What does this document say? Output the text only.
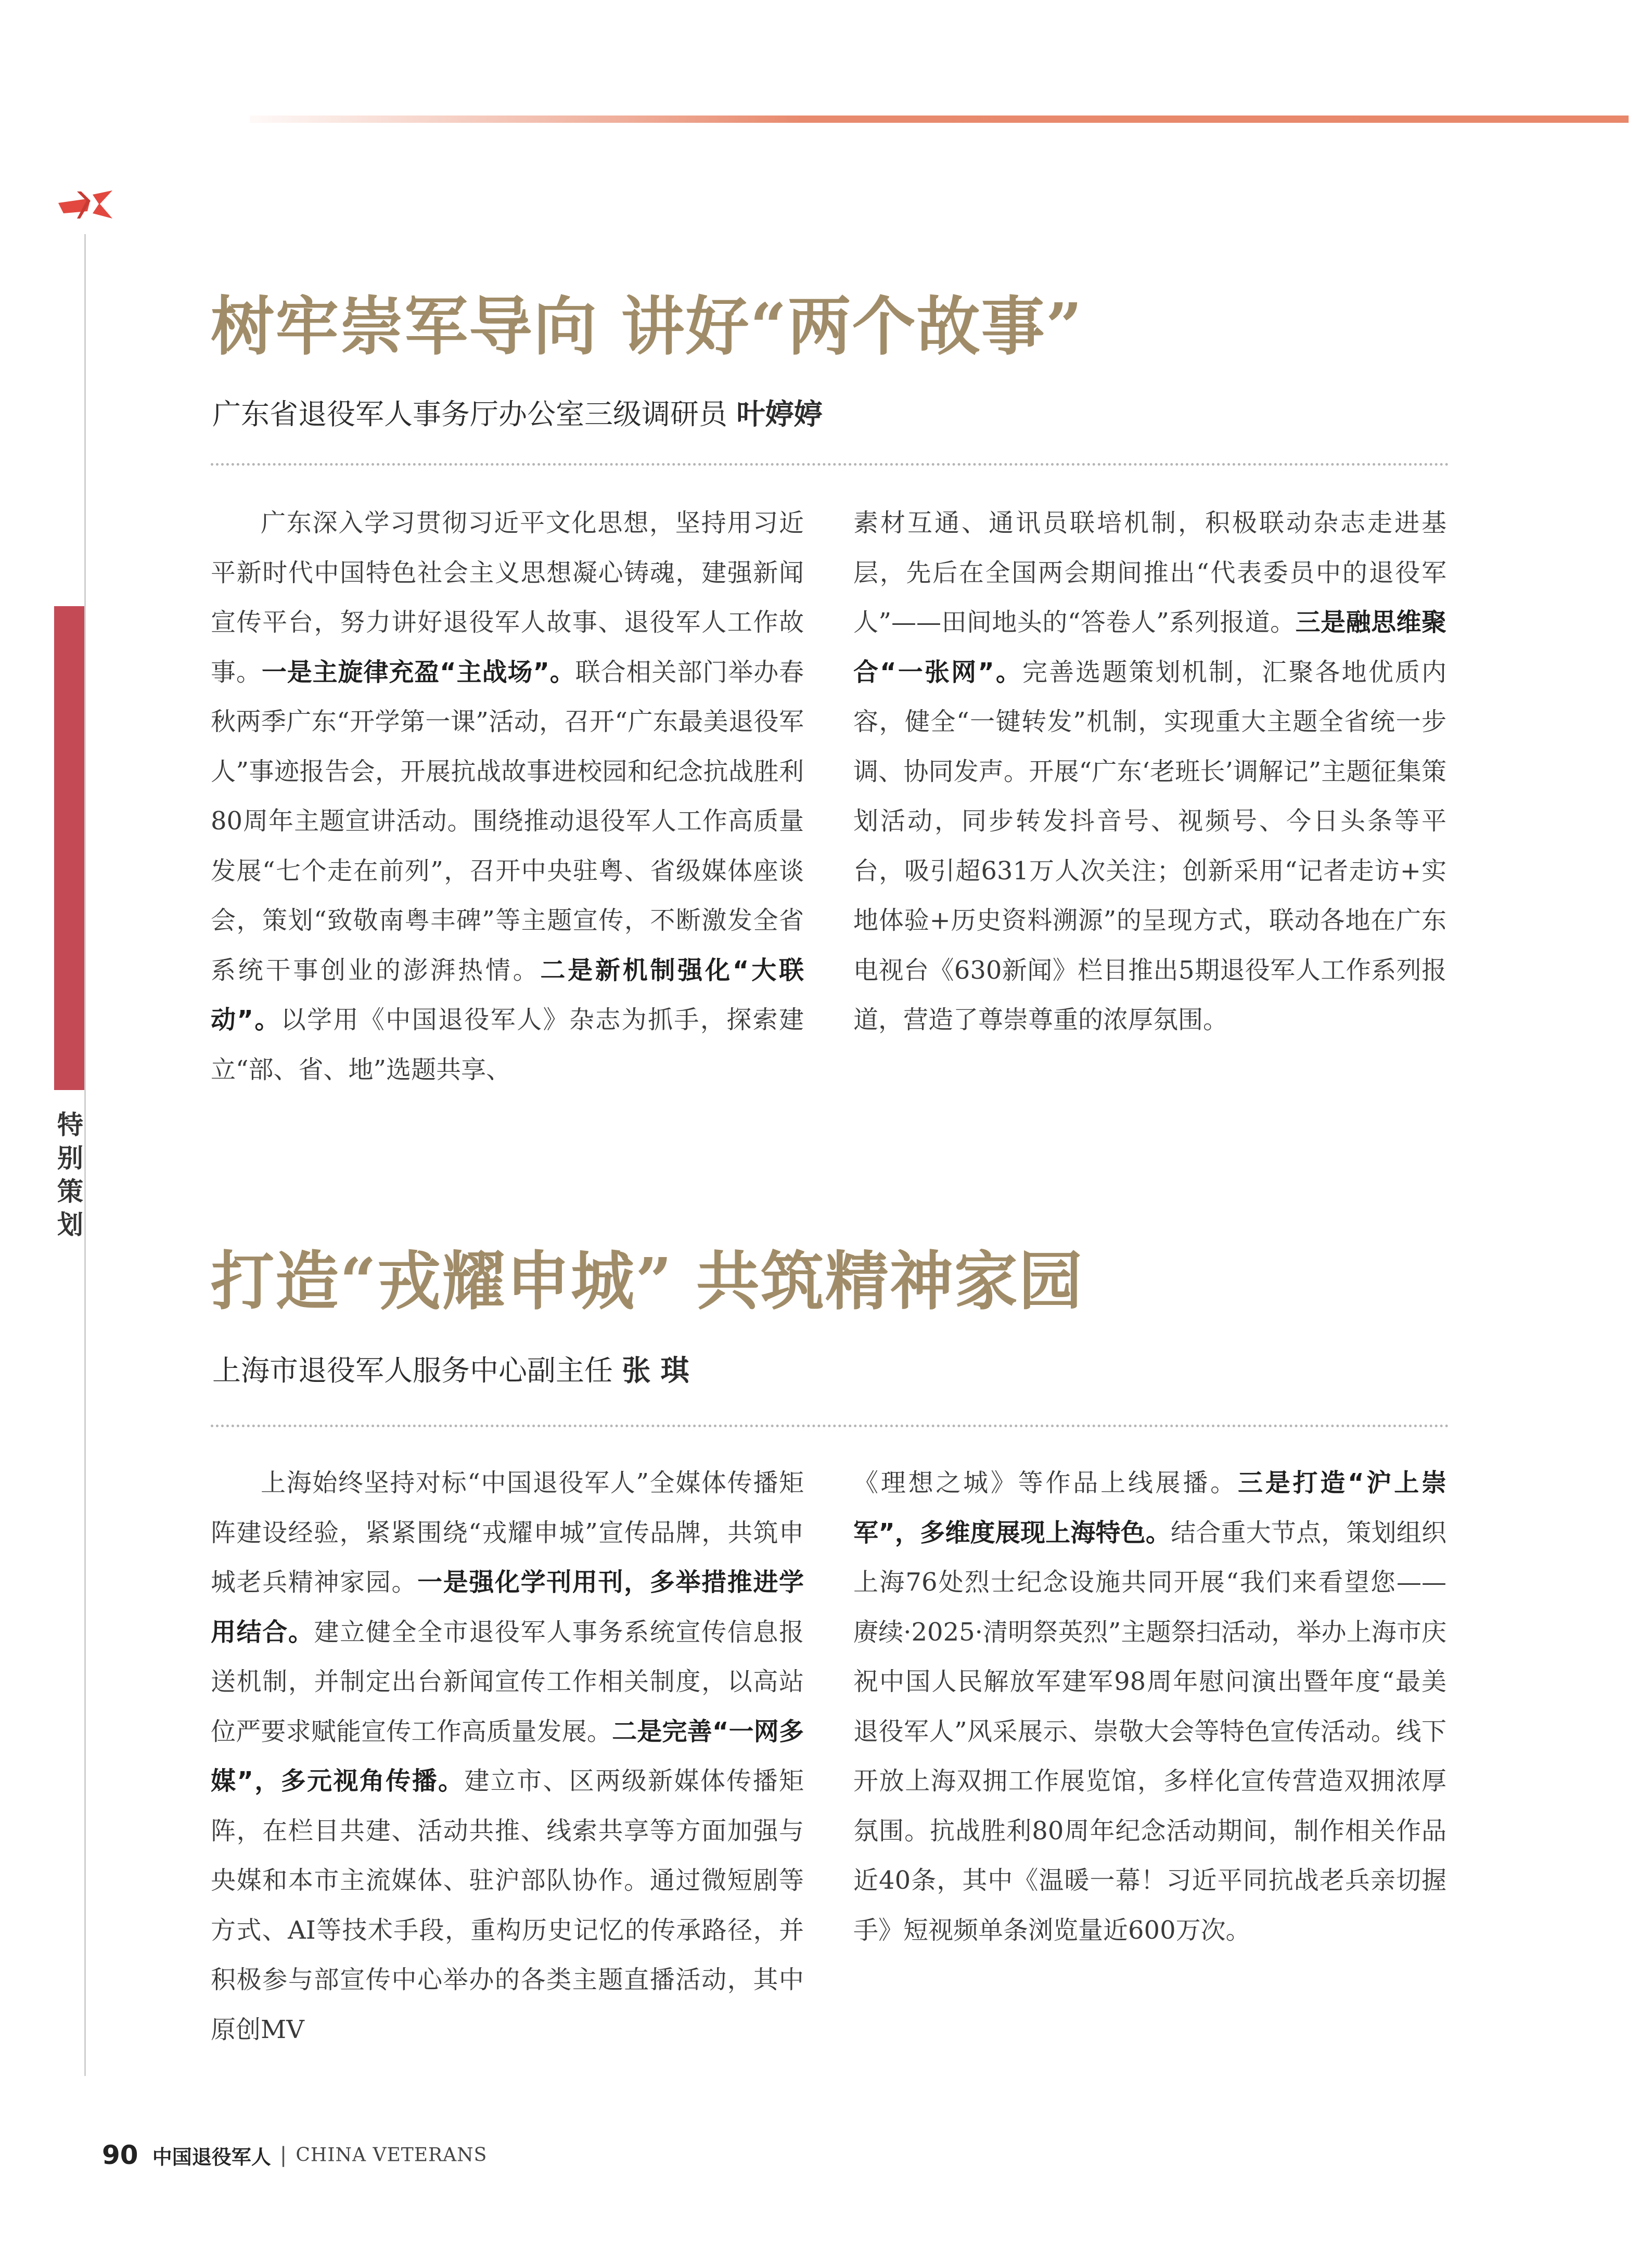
特别策划
树牢崇军导向 讲好“两个故事”

广东省退役军人事务厅办公室三级调研员 叶婷婷

广东深入学习贯彻习近平文化思想，坚持用习近平新时代中国特色社会主义思想凝心铸魂，建强新闻宣传平台，努力讲好退役军人故事、退役军人工作故事。一是主旋律充盈“主战场”。联合相关部门举办春秋两季广东“开学第一课”活动，召开“广东最美退役军人”事迹报告会，开展抗战故事进校园和纪念抗战胜利80周年主题宣讲活动。围绕推动退役军人工作高质量发展“七个走在前列”，召开中央驻粤、省级媒体座谈会，策划“致敬南粤丰碑”等主题宣传，不断激发全省系统干事创业的澎湃热情。二是新机制强化“大联动”。以学用《中国退役军人》杂志为抓手，探索建立“部、省、地”选题共享、

素材互通、通讯员联培机制，积极联动杂志走进基层，先后在全国两会期间推出“代表委员中的退役军人”——田间地头的“答卷人”系列报道。三是融思维聚合“一张网”。完善选题策划机制，汇聚各地优质内容，健全“一键转发”机制，实现重大主题全省统一步调、协同发声。开展“广东‘老班长’调解记”主题征集策划活动，同步转发抖音号、视频号、今日头条等平台，吸引超631万人次关注；创新采用“记者走访+实地体验+历史资料溯源”的呈现方式，联动各地在广东电视台《630新闻》栏目推出5期退役军人工作系列报道，营造了尊崇尊重的浓厚氛围。

打造“戎耀申城” 共筑精神家园

上海市退役军人服务中心副主任 张 琪

上海始终坚持对标“中国退役军人”全媒体传播矩阵建设经验，紧紧围绕“戎耀申城”宣传品牌，共筑申城老兵精神家园。一是强化学刊用刊，多举措推进学用结合。建立健全全市退役军人事务系统宣传信息报送机制，并制定出台新闻宣传工作相关制度，以高站位严要求赋能宣传工作高质量发展。二是完善“一网多媒”，多元视角传播。建立市、区两级新媒体传播矩阵，在栏目共建、活动共推、线索共享等方面加强与央媒和本市主流媒体、驻沪部队协作。通过微短剧等方式、AI等技术手段，重构历史记忆的传承路径，并积极参与部宣传中心举办的各类主题直播活动，其中原创MV

《理想之城》等作品上线展播。三是打造“沪上崇军”，多维度展现上海特色。结合重大节点，策划组织上海76处烈士纪念设施共同开展“我们来看望您——赓续·2025·清明祭英烈”主题祭扫活动，举办上海市庆祝中国人民解放军建军98周年慰问演出暨年度“最美退役军人”风采展示、崇敬大会等特色宣传活动。线下开放上海双拥工作展览馆，多样化宣传营造双拥浓厚氛围。抗战胜利80周年纪念活动期间，制作相关作品近40条，其中《温暖一幕！习近平同抗战老兵亲切握手》短视频单条浏览量近600万次。

90 中国退役军人 | CHINA VETERANS
